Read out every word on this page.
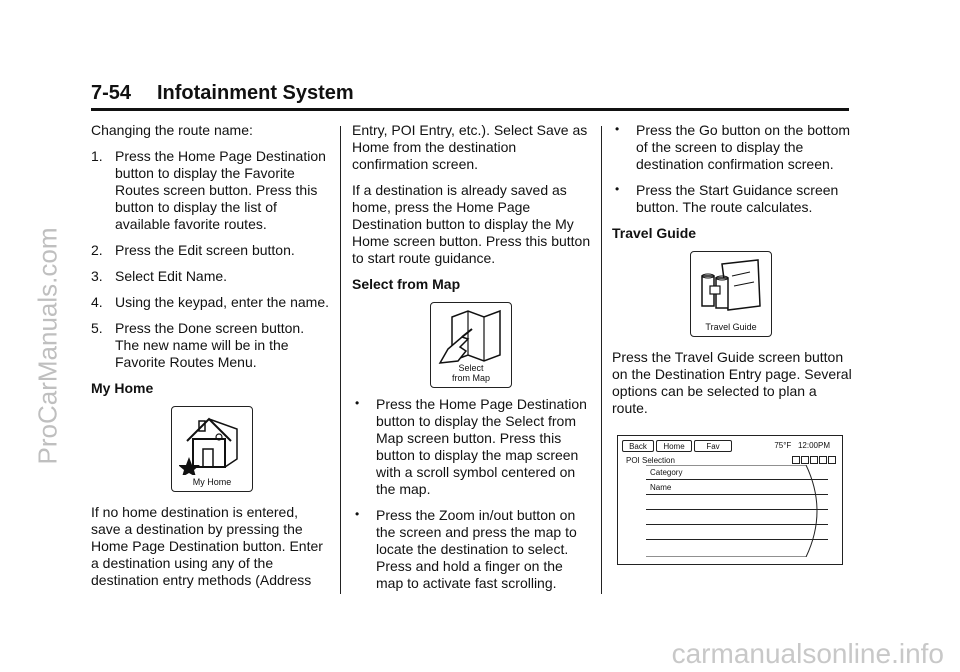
7-54 Infotainment System

Changing the route name:

1. Press the Home Page Destination button to display the Favorite Routes screen button. Press this button to display the list of available favorite routes.
2. Press the Edit screen button.
3. Select Edit Name.
4. Using the keypad, enter the name.
5. Press the Done screen button. The new name will be in the Favorite Routes Menu.
My Home
My Home

If no home destination is entered, save a destination by pressing the Home Page Destination button. Enter a destination using any of the destination entry methods (Address

Entry, POI Entry, etc.). Select Save as Home from the destination confirmation screen.

If a destination is already saved as home, press the Home Page Destination button to display the My Home screen button. Press this button to start route guidance.

Select from Map
Select
from Map
• Press the Home Page Destination button to display the Select from Map screen button. Press this button to display the map screen with a scroll symbol centered on the map.
• Press the Zoom in/out button on the screen and press the map to locate the destination to select. Press and hold a finger on the map to activate fast scrolling.
• Press the Go button on the bottom of the screen to display the destination confirmation screen.
• Press the Start Guidance screen button. The route calculates.
Travel Guide
Travel Guide

Press the Travel Guide screen button on the Destination Entry page. Several options can be selected to plan a route.

Back	Home	Fav	75°F 12:00PM
POI Selection
Category
Name
ProCarManuals.com
carmanualsonline.info
